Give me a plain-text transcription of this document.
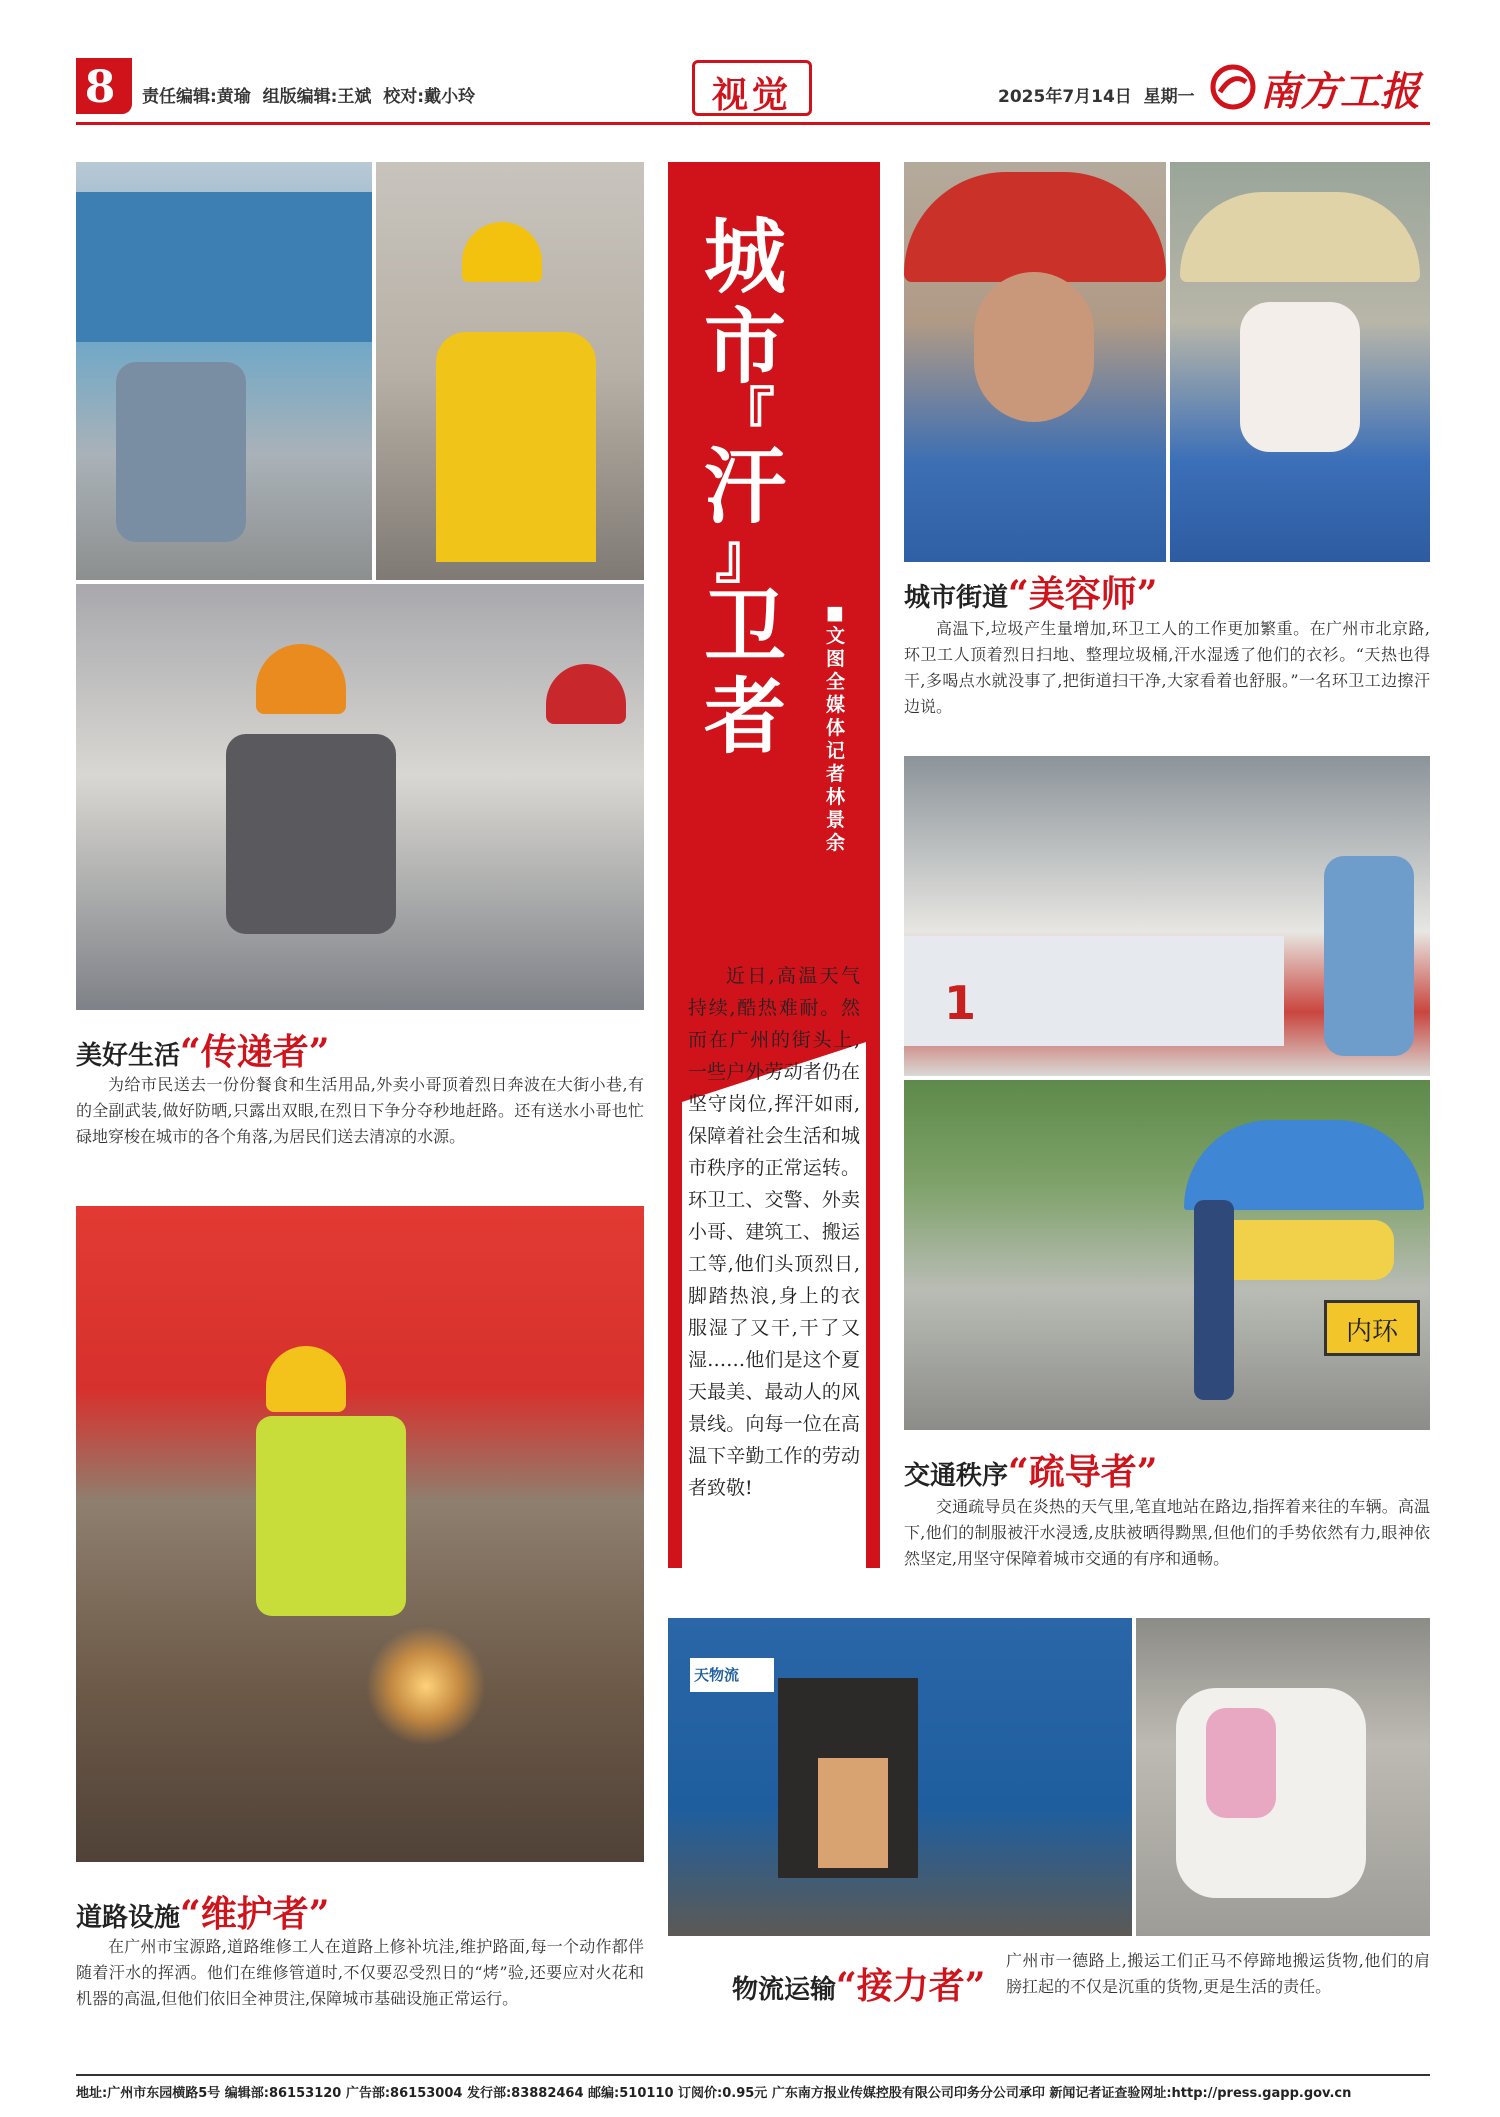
8	责任编辑:黄瑜  组版编辑:王斌  校对:戴小玲	视觉	2025年7月14日  星期一 南方工报
美好生活“传递者”
为给市民送去一份份餐食和生活用品,外卖小哥顶着烈日奔波在大街小巷,有的全副武装,做好防晒,只露出双眼,在烈日下争分夺秒地赶路。还有送水小哥也忙碌地穿梭在城市的各个角落,为居民们送去清凉的水源。
道路设施“维护者”
在广州市宝源路,道路维修工人在道路上修补坑洼,维护路面,每一个动作都伴随着汗水的挥洒。他们在维修管道时,不仅要忍受烈日的“烤”验,还要应对火花和机器的高温,但他们依旧全神贯注,保障城市基础设施正常运行。
城
市
『
汗
』
卫
者
■文图 全媒体记者林景余
近日,高温天气持续,酷热难耐。然而在广州的街头上,一些户外劳动者仍在坚守岗位,挥汗如雨,保障着社会生活和城市秩序的正常运转。环卫工、交警、外卖小哥、建筑工、搬运工等,他们头顶烈日,脚踏热浪,身上的衣服湿了又干,干了又湿……他们是这个夏天最美、最动人的风景线。向每一位在高温下辛勤工作的劳动者致敬!
城市街道“美容师”
高温下,垃圾产生量增加,环卫工人的工作更加繁重。在广州市北京路,环卫工人顶着烈日扫地、整理垃圾桶,汗水湿透了他们的衣衫。“天热也得干,多喝点水就没事了,把街道扫干净,大家看着也舒服。”一名环卫工边擦汗边说。
1
内环
交通秩序“疏导者”
交通疏导员在炎热的天气里,笔直地站在路边,指挥着来往的车辆。高温下,他们的制服被汗水浸透,皮肤被晒得黝黑,但他们的手势依然有力,眼神依然坚定,用坚守保障着城市交通的有序和通畅。
天物流
物流运输“接力者”
广州市一德路上,搬运工们正马不停蹄地搬运货物,他们的肩膀扛起的不仅是沉重的货物,更是生活的责任。
地址:广州市东园横路5号 编辑部:86153120 广告部:86153004 发行部:83882464 邮编:510110 订阅价:0.95元 广东南方报业传媒控股有限公司印务分公司承印 新闻记者证查验网址:http://press.gapp.gov.cn
